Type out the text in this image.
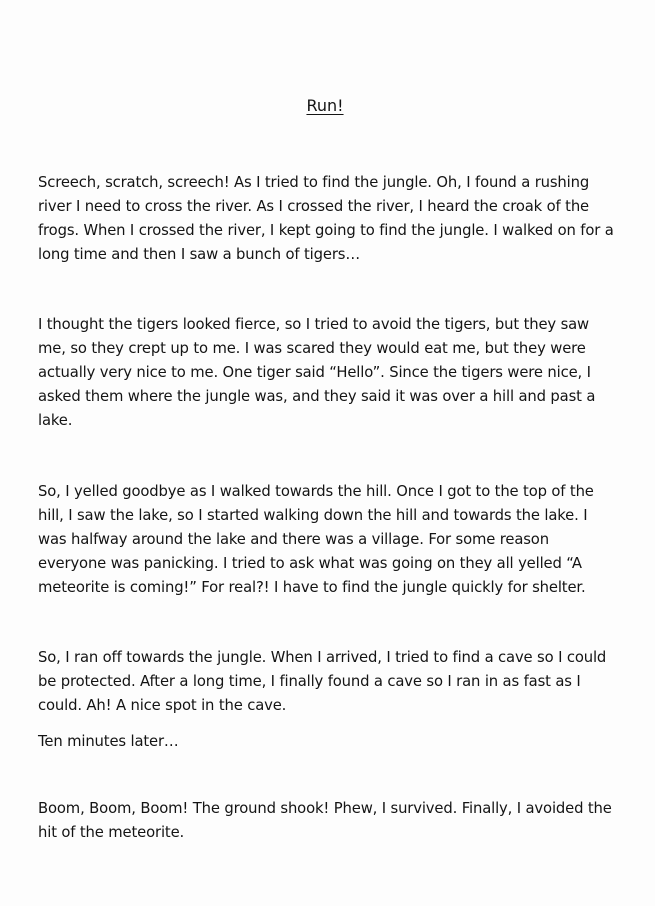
Run!
Screech, scratch, screech! As I tried to find the jungle. Oh, I found a rushing river I need to cross the river. As I crossed the river, I heard the croak of the frogs. When I crossed the river, I kept going to find the jungle. I walked on for a long time and then I saw a bunch of tigers…
I thought the tigers looked fierce, so I tried to avoid the tigers, but they saw me, so they crept up to me. I was scared they would eat me, but they were actually very nice to me. One tiger said “Hello”. Since the tigers were nice, I asked them where the jungle was, and they said it was over a hill and past a lake.
So, I yelled goodbye as I walked towards the hill. Once I got to the top of the hill, I saw the lake, so I started walking down the hill and towards the lake. I was halfway around the lake and there was a village. For some reason everyone was panicking. I tried to ask what was going on they all yelled “A meteorite is coming!” For real?! I have to find the jungle quickly for shelter.
So, I ran off towards the jungle. When I arrived, I tried to find a cave so I could be protected. After a long time, I finally found a cave so I ran in as fast as I could. Ah! A nice spot in the cave.
Ten minutes later…
Boom, Boom, Boom! The ground shook! Phew, I survived. Finally, I avoided the hit of the meteorite.
